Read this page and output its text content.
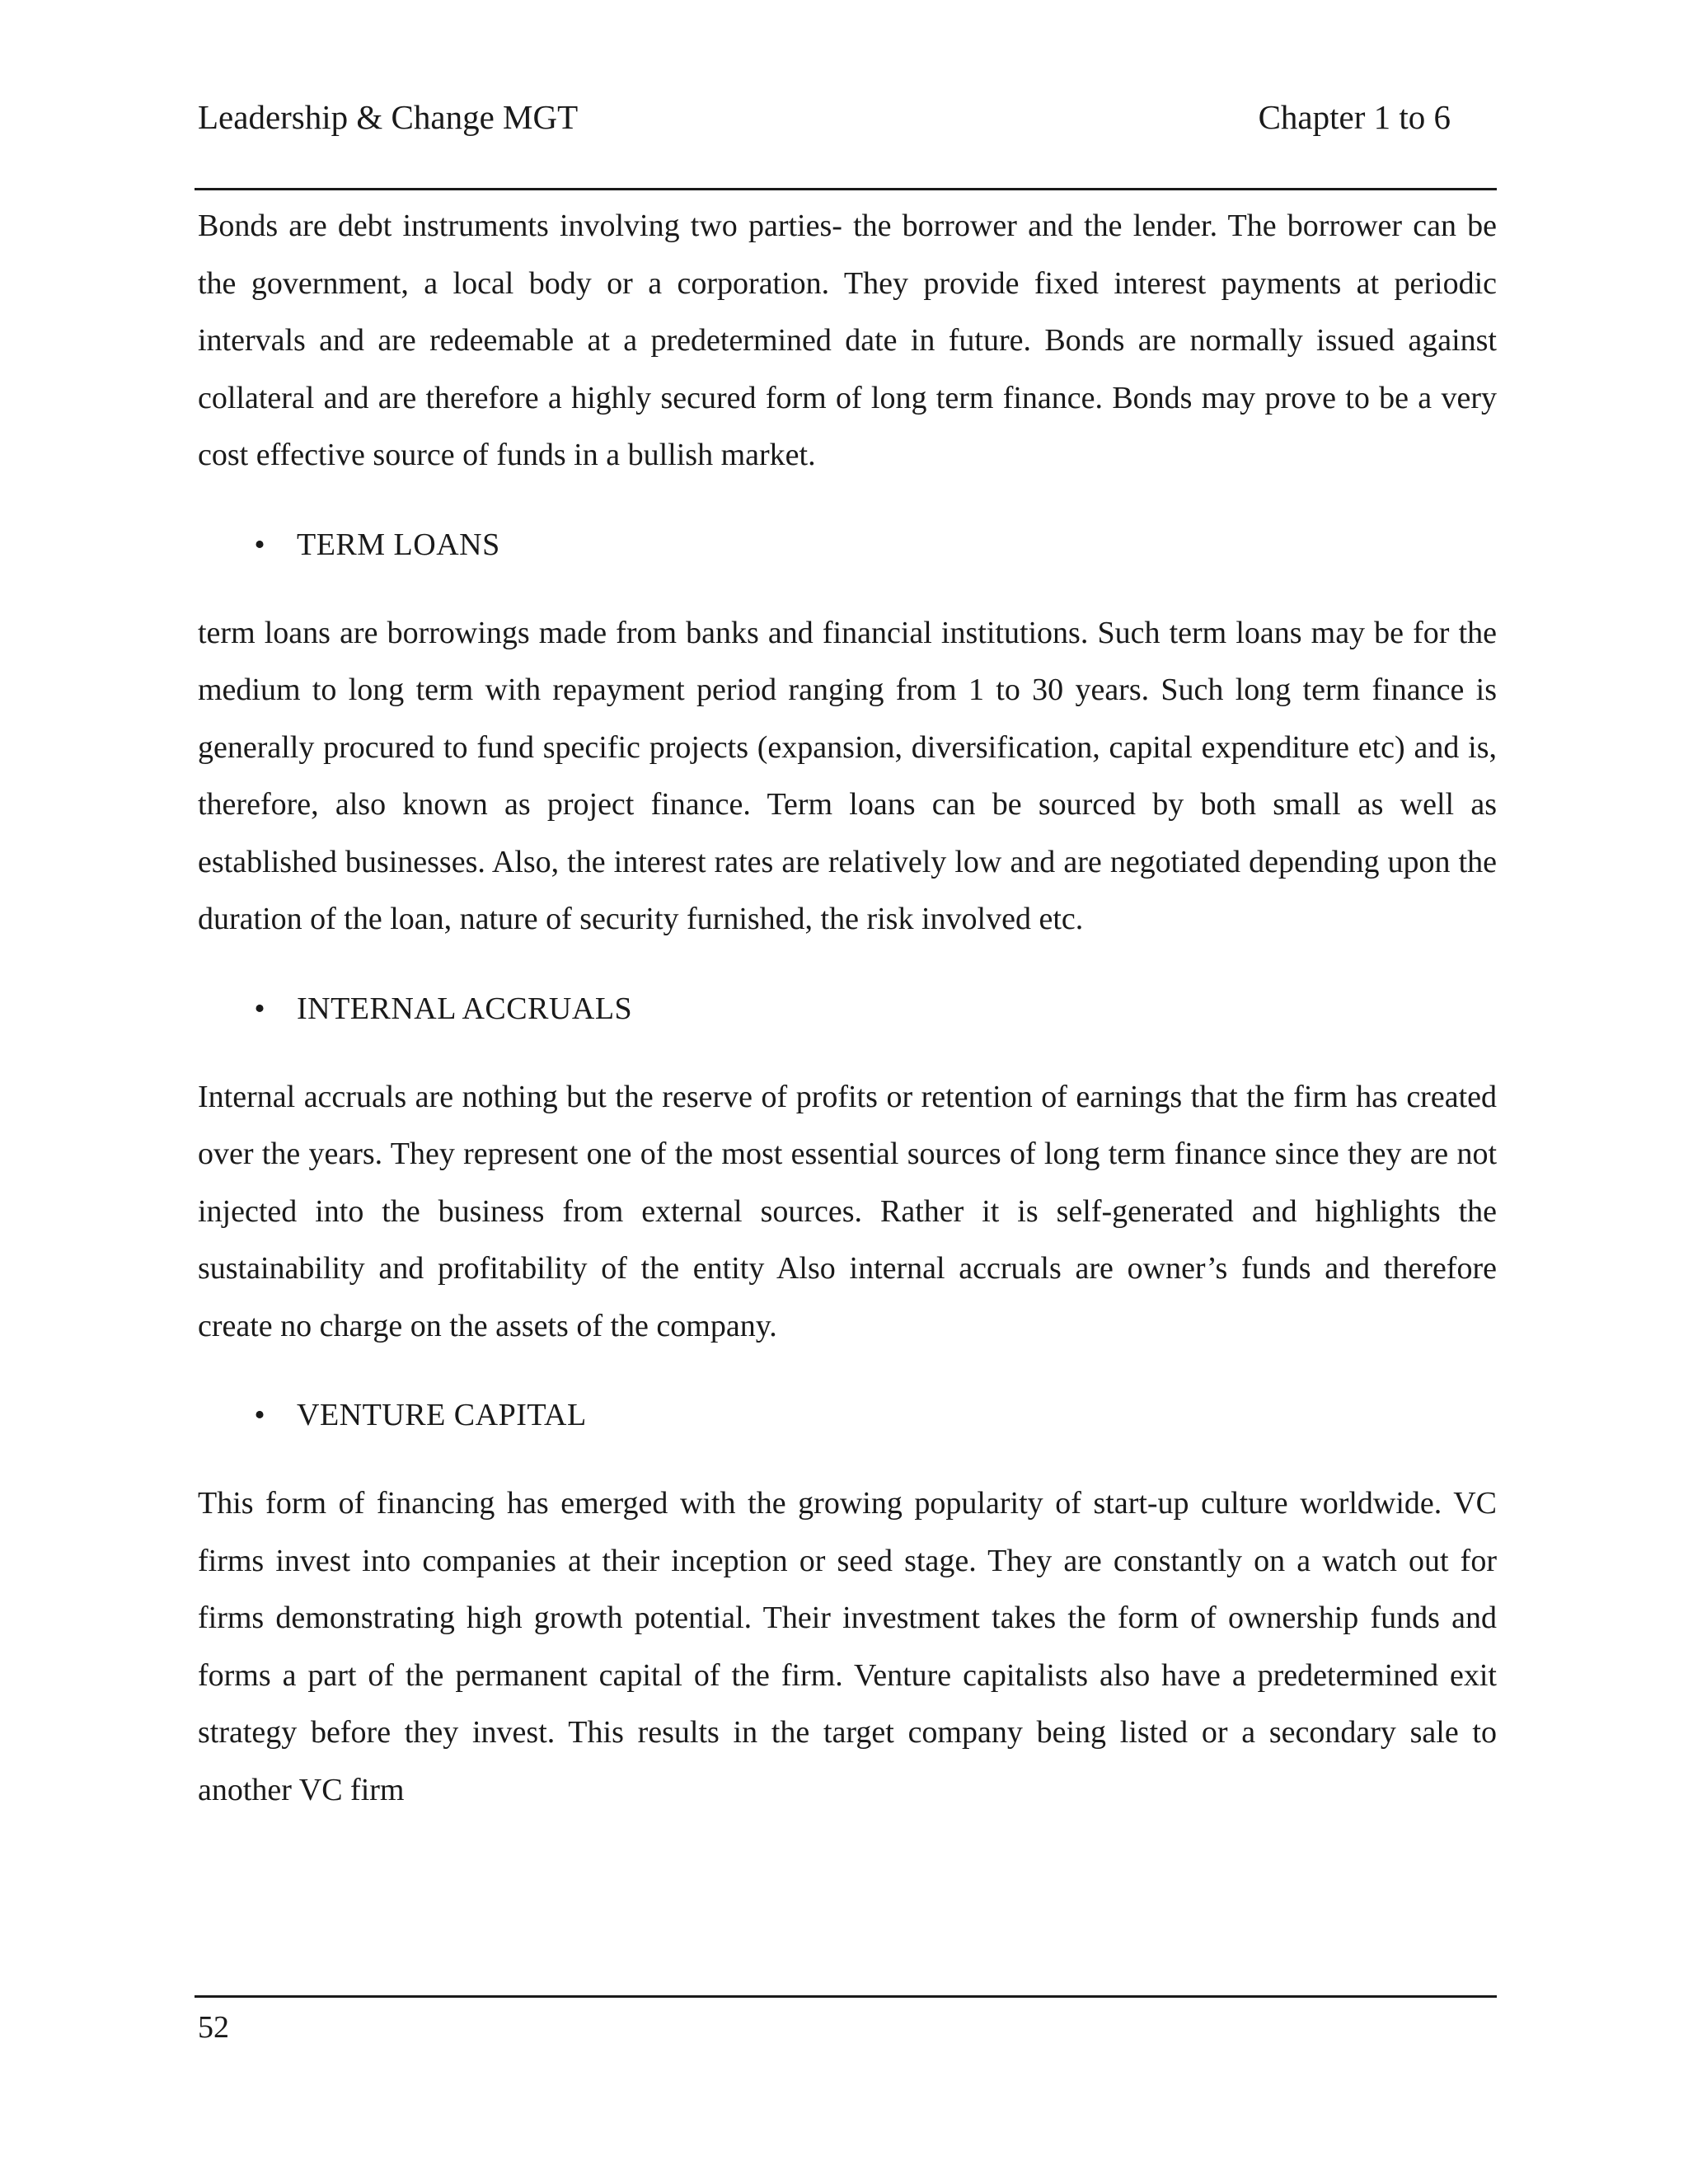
Leadership & Change MGT	Chapter 1 to 6

Bonds are debt instruments involving two parties- the borrower and the lender. The borrower can be the government, a local body or a corporation. They provide fixed interest payments at periodic intervals and are redeemable at a predetermined date in future. Bonds are normally issued against collateral and are therefore a highly secured form of long term finance. Bonds may prove to be a very cost effective source of funds in a bullish market.

• TERM LOANS

term loans are borrowings made from banks and financial institutions. Such term loans may be for the medium to long term with repayment period ranging from 1 to 30 years. Such long term finance is generally procured to fund specific projects (expansion, diversification, capital expenditure etc) and is, therefore, also known as project finance. Term loans can be sourced by both small as well as established businesses. Also, the interest rates are relatively low and are negotiated depending upon the duration of the loan, nature of security furnished, the risk involved etc.

• INTERNAL ACCRUALS

Internal accruals are nothing but the reserve of profits or retention of earnings that the firm has created over the years. They represent one of the most essential sources of long term finance since they are not injected into the business from external sources. Rather it is self-generated and highlights the sustainability and profitability of the entity Also internal accruals are owner’s funds and therefore create no charge on the assets of the company.

• VENTURE CAPITAL

This form of financing has emerged with the growing popularity of start-up culture worldwide. VC firms invest into companies at their inception or seed stage. They are constantly on a watch out for firms demonstrating high growth potential. Their investment takes the form of ownership funds and forms a part of the permanent capital of the firm. Venture capitalists also have a predetermined exit strategy before they invest. This results in the target company being listed or a secondary sale to another VC firm

52
